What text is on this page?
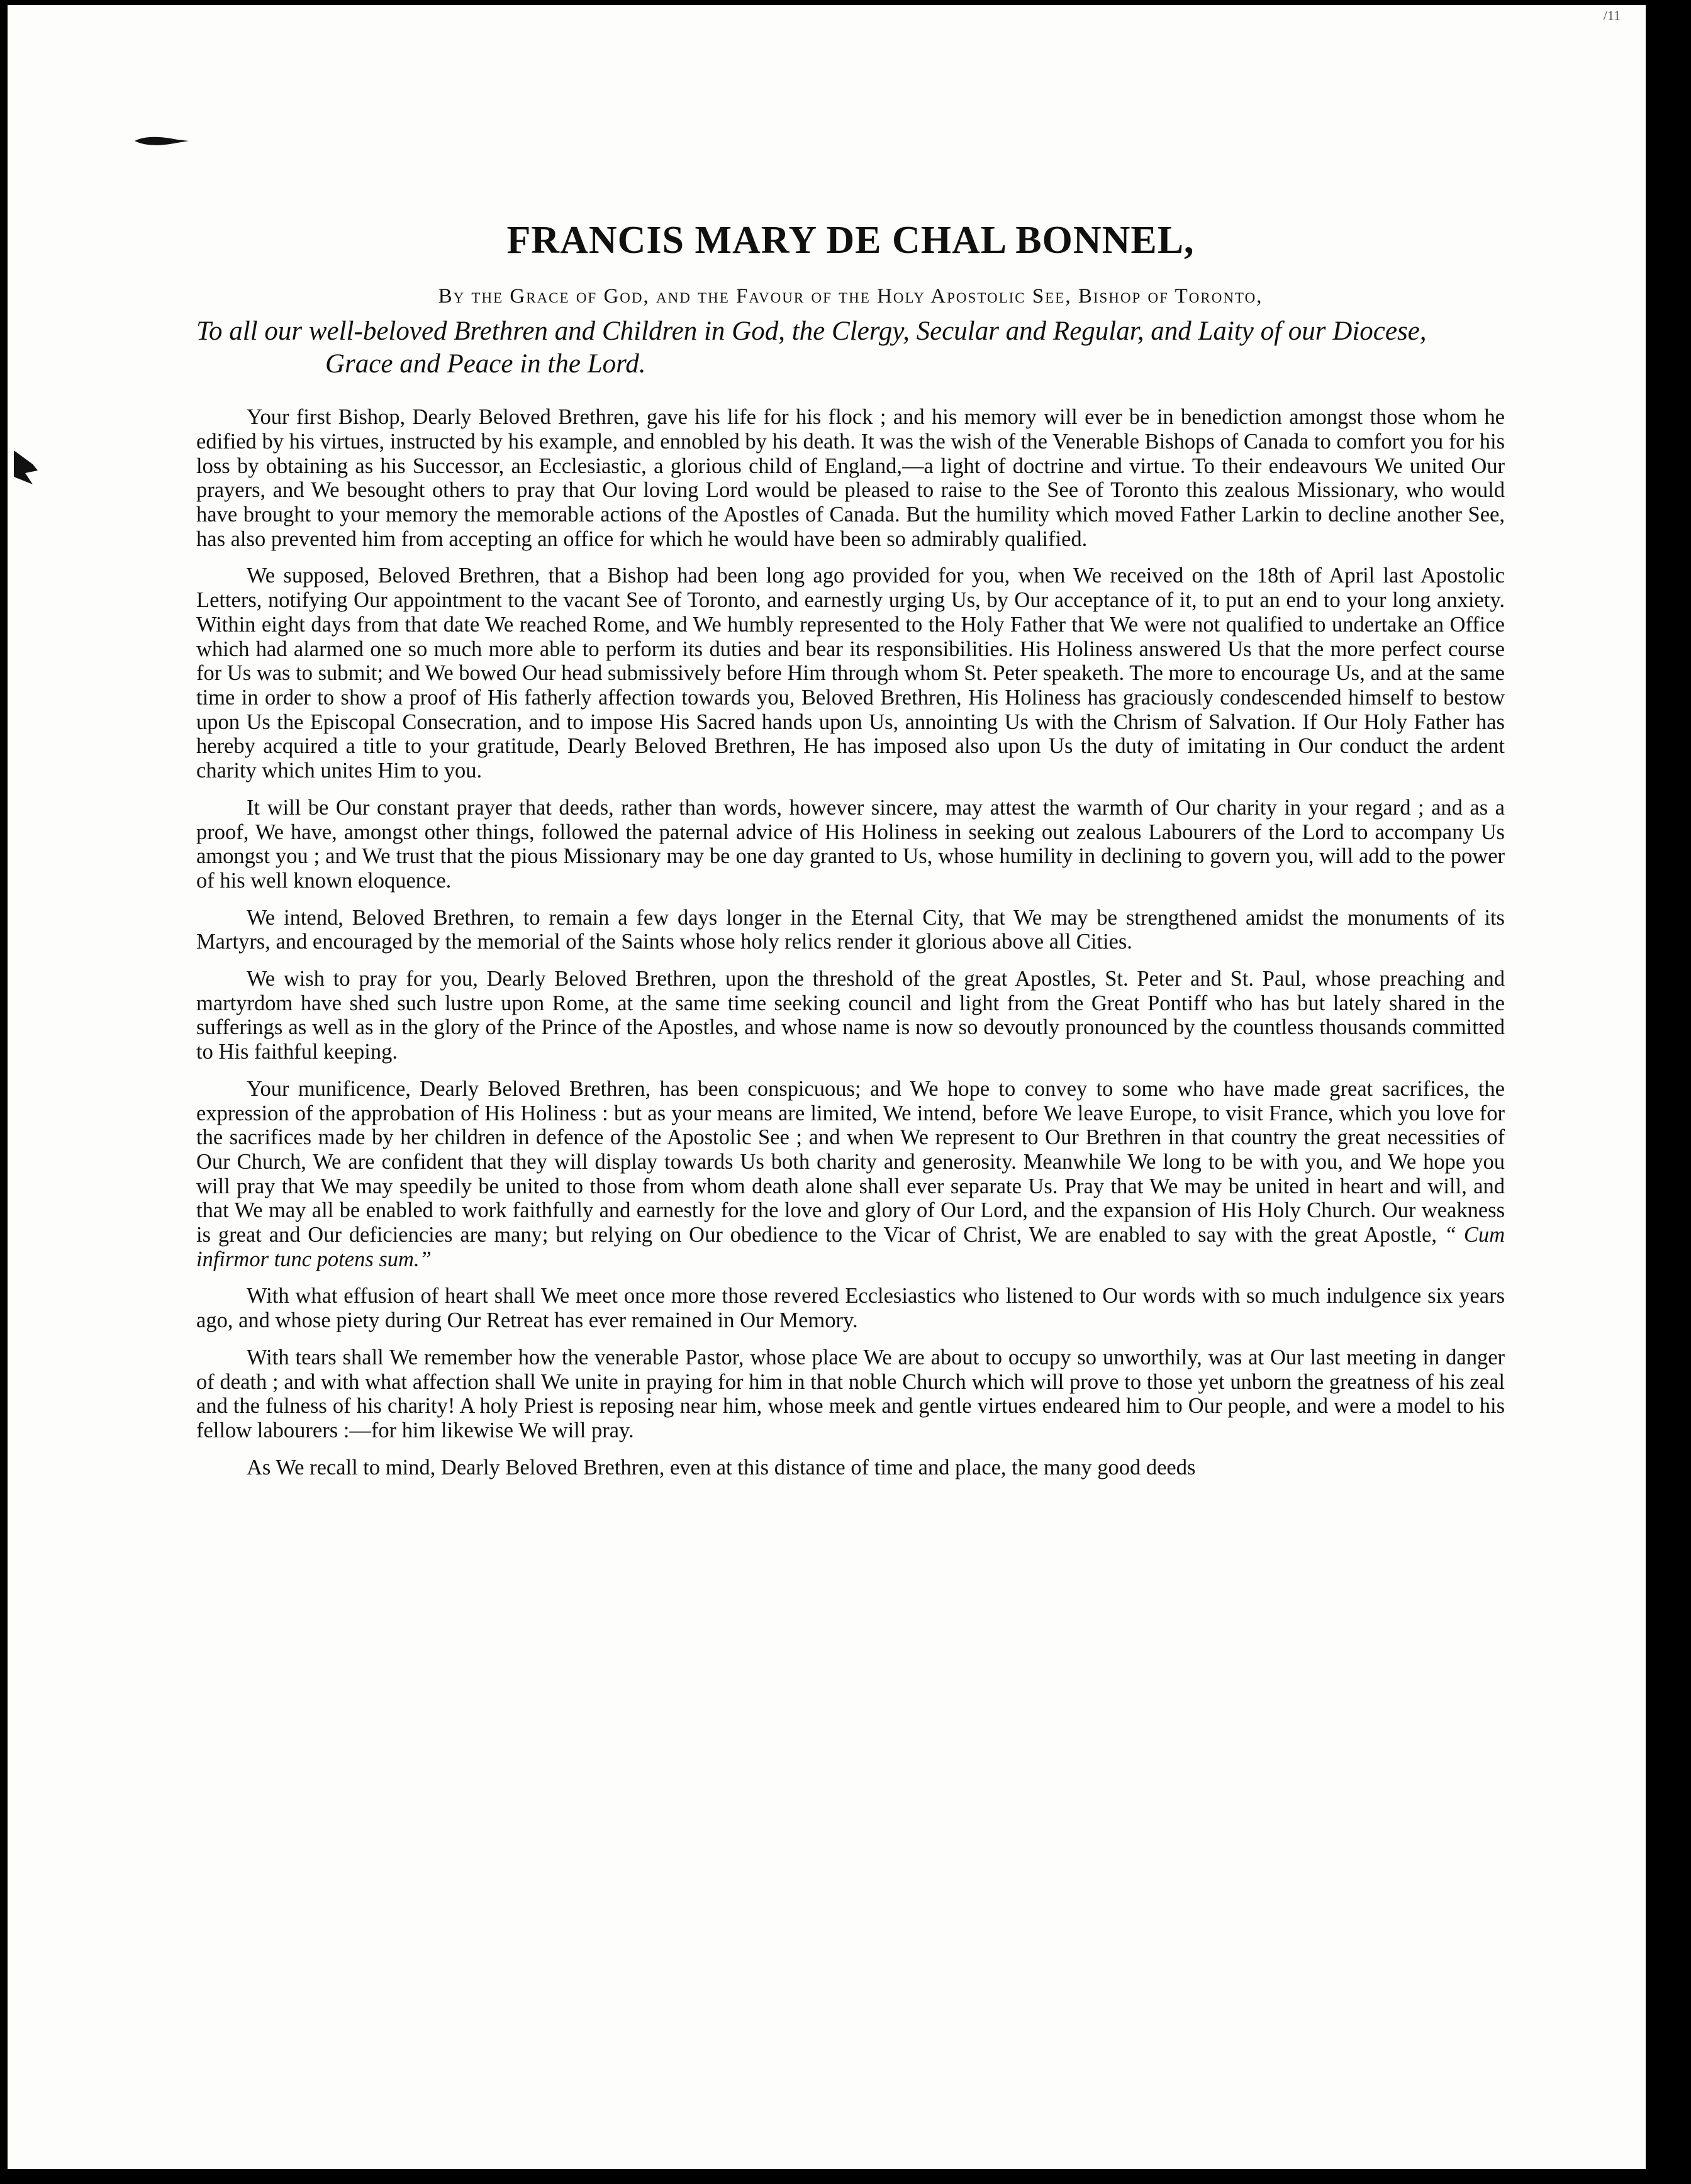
/11
FRANCIS MARY DE CHAL BONNEL,
By the Grace of God, and the Favour of the Holy Apostolic See, Bishop of Toronto,
To all our well-beloved Brethren and Children in God, the Clergy, Secular and Regular, and Laity of our Diocese,
Grace and Peace in the Lord.

Your first Bishop, Dearly Beloved Brethren, gave his life for his flock ; and his memory will ever be in benediction amongst those whom he edified by his virtues, instructed by his example, and ennobled by his death. It was the wish of the Venerable Bishops of Canada to comfort you for his loss by obtaining as his Successor, an Ecclesiastic, a glorious child of England,—a light of doctrine and virtue. To their endeavours We united Our prayers, and We besought others to pray that Our loving Lord would be pleased to raise to the See of Toronto this zealous Missionary, who would have brought to your memory the memorable actions of the Apostles of Canada. But the humility which moved Father Larkin to decline another See, has also prevented him from accepting an office for which he would have been so admirably qualified.

We supposed, Beloved Brethren, that a Bishop had been long ago provided for you, when We received on the 18th of April last Apostolic Letters, notifying Our appointment to the vacant See of Toronto, and earnestly urging Us, by Our acceptance of it, to put an end to your long anxiety. Within eight days from that date We reached Rome, and We humbly represented to the Holy Father that We were not qualified to undertake an Office which had alarmed one so much more able to perform its duties and bear its responsibilities. His Holiness answered Us that the more perfect course for Us was to submit; and We bowed Our head submissively before Him through whom St. Peter speaketh. The more to encourage Us, and at the same time in order to show a proof of His fatherly affection towards you, Beloved Brethren, His Holiness has graciously condescended himself to bestow upon Us the Episcopal Consecration, and to impose His Sacred hands upon Us, annointing Us with the Chrism of Salvation. If Our Holy Father has hereby acquired a title to your gratitude, Dearly Beloved Brethren, He has imposed also upon Us the duty of imitating in Our conduct the ardent charity which unites Him to you.

It will be Our constant prayer that deeds, rather than words, however sincere, may attest the warmth of Our charity in your regard ; and as a proof, We have, amongst other things, followed the paternal advice of His Holiness in seeking out zealous Labourers of the Lord to accompany Us amongst you ; and We trust that the pious Missionary may be one day granted to Us, whose humility in declining to govern you, will add to the power of his well known eloquence.

We intend, Beloved Brethren, to remain a few days longer in the Eternal City, that We may be strengthened amidst the monuments of its Martyrs, and encouraged by the memorial of the Saints whose holy relics render it glorious above all Cities.

We wish to pray for you, Dearly Beloved Brethren, upon the threshold of the great Apostles, St. Peter and St. Paul, whose preaching and martyrdom have shed such lustre upon Rome, at the same time seeking council and light from the Great Pontiff who has but lately shared in the sufferings as well as in the glory of the Prince of the Apostles, and whose name is now so devoutly pronounced by the countless thousands committed to His faithful keeping.

Your munificence, Dearly Beloved Brethren, has been conspicuous; and We hope to convey to some who have made great sacrifices, the expression of the approbation of His Holiness : but as your means are limited, We intend, before We leave Europe, to visit France, which you love for the sacrifices made by her children in defence of the Apostolic See ; and when We represent to Our Brethren in that country the great necessities of Our Church, We are confident that they will display towards Us both charity and generosity. Meanwhile We long to be with you, and We hope you will pray that We may speedily be united to those from whom death alone shall ever separate Us. Pray that We may be united in heart and will, and that We may all be enabled to work faithfully and earnestly for the love and glory of Our Lord, and the expansion of His Holy Church. Our weakness is great and Our deficiencies are many; but relying on Our obedience to the Vicar of Christ, We are enabled to say with the great Apostle, “ Cum infirmor tunc potens sum.”

With what effusion of heart shall We meet once more those revered Ecclesiastics who listened to Our words with so much indulgence six years ago, and whose piety during Our Retreat has ever remained in Our Memory.

With tears shall We remember how the venerable Pastor, whose place We are about to occupy so unworthily, was at Our last meeting in danger of death ; and with what affection shall We unite in praying for him in that noble Church which will prove to those yet unborn the greatness of his zeal and the fulness of his charity! A holy Priest is reposing near him, whose meek and gentle virtues endeared him to Our people, and were a model to his fellow labourers :—for him likewise We will pray.

As We recall to mind, Dearly Beloved Brethren, even at this distance of time and place, the many good deeds
